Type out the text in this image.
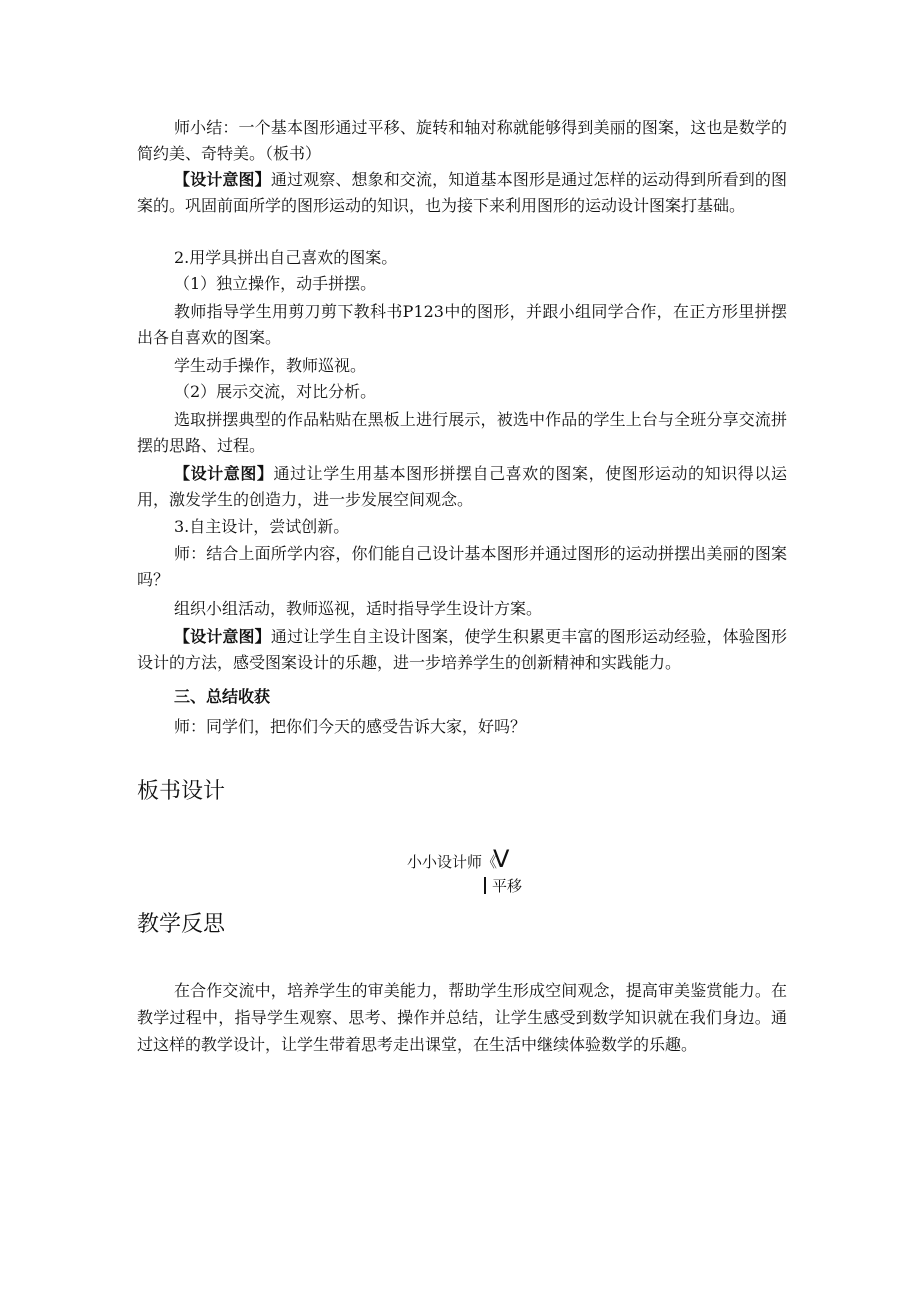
师小结：一个基本图形通过平移、旋转和轴对称就能够得到美丽的图案，这也是数学的简约美、奇特美。（板书）

【设计意图】通过观察、想象和交流，知道基本图形是通过怎样的运动得到所看到的图案的。巩固前面所学的图形运动的知识，也为接下来利用图形的运动设计图案打基础。

2.用学具拼出自己喜欢的图案。

（1）独立操作，动手拼摆。

教师指导学生用剪刀剪下教科书P123中的图形，并跟小组同学合作，在正方形里拼摆出各自喜欢的图案。

学生动手操作，教师巡视。

（2）展示交流，对比分析。

选取拼摆典型的作品粘贴在黑板上进行展示，被选中作品的学生上台与全班分享交流拼摆的思路、过程。

【设计意图】通过让学生用基本图形拼摆自己喜欢的图案，使图形运动的知识得以运用，激发学生的创造力，进一步发展空间观念。

3.自主设计，尝试创新。

师：结合上面所学内容，你们能自己设计基本图形并通过图形的运动拼摆出美丽的图案吗？

组织小组活动，教师巡视，适时指导学生设计方案。

【设计意图】通过让学生自主设计图案，使学生积累更丰富的图形运动经验，体验图形设计的方法，感受图案设计的乐趣，进一步培养学生的创新精神和实践能力。

三、总结收获

师：同学们，把你们今天的感受告诉大家，好吗？

板书设计
小小设计师《
V
平移
教学反思

在合作交流中，培养学生的审美能力，帮助学生形成空间观念，提高审美鉴赏能力。在教学过程中，指导学生观察、思考、操作并总结，让学生感受到数学知识就在我们身边。通过这样的教学设计，让学生带着思考走出课堂，在生活中继续体验数学的乐趣。
